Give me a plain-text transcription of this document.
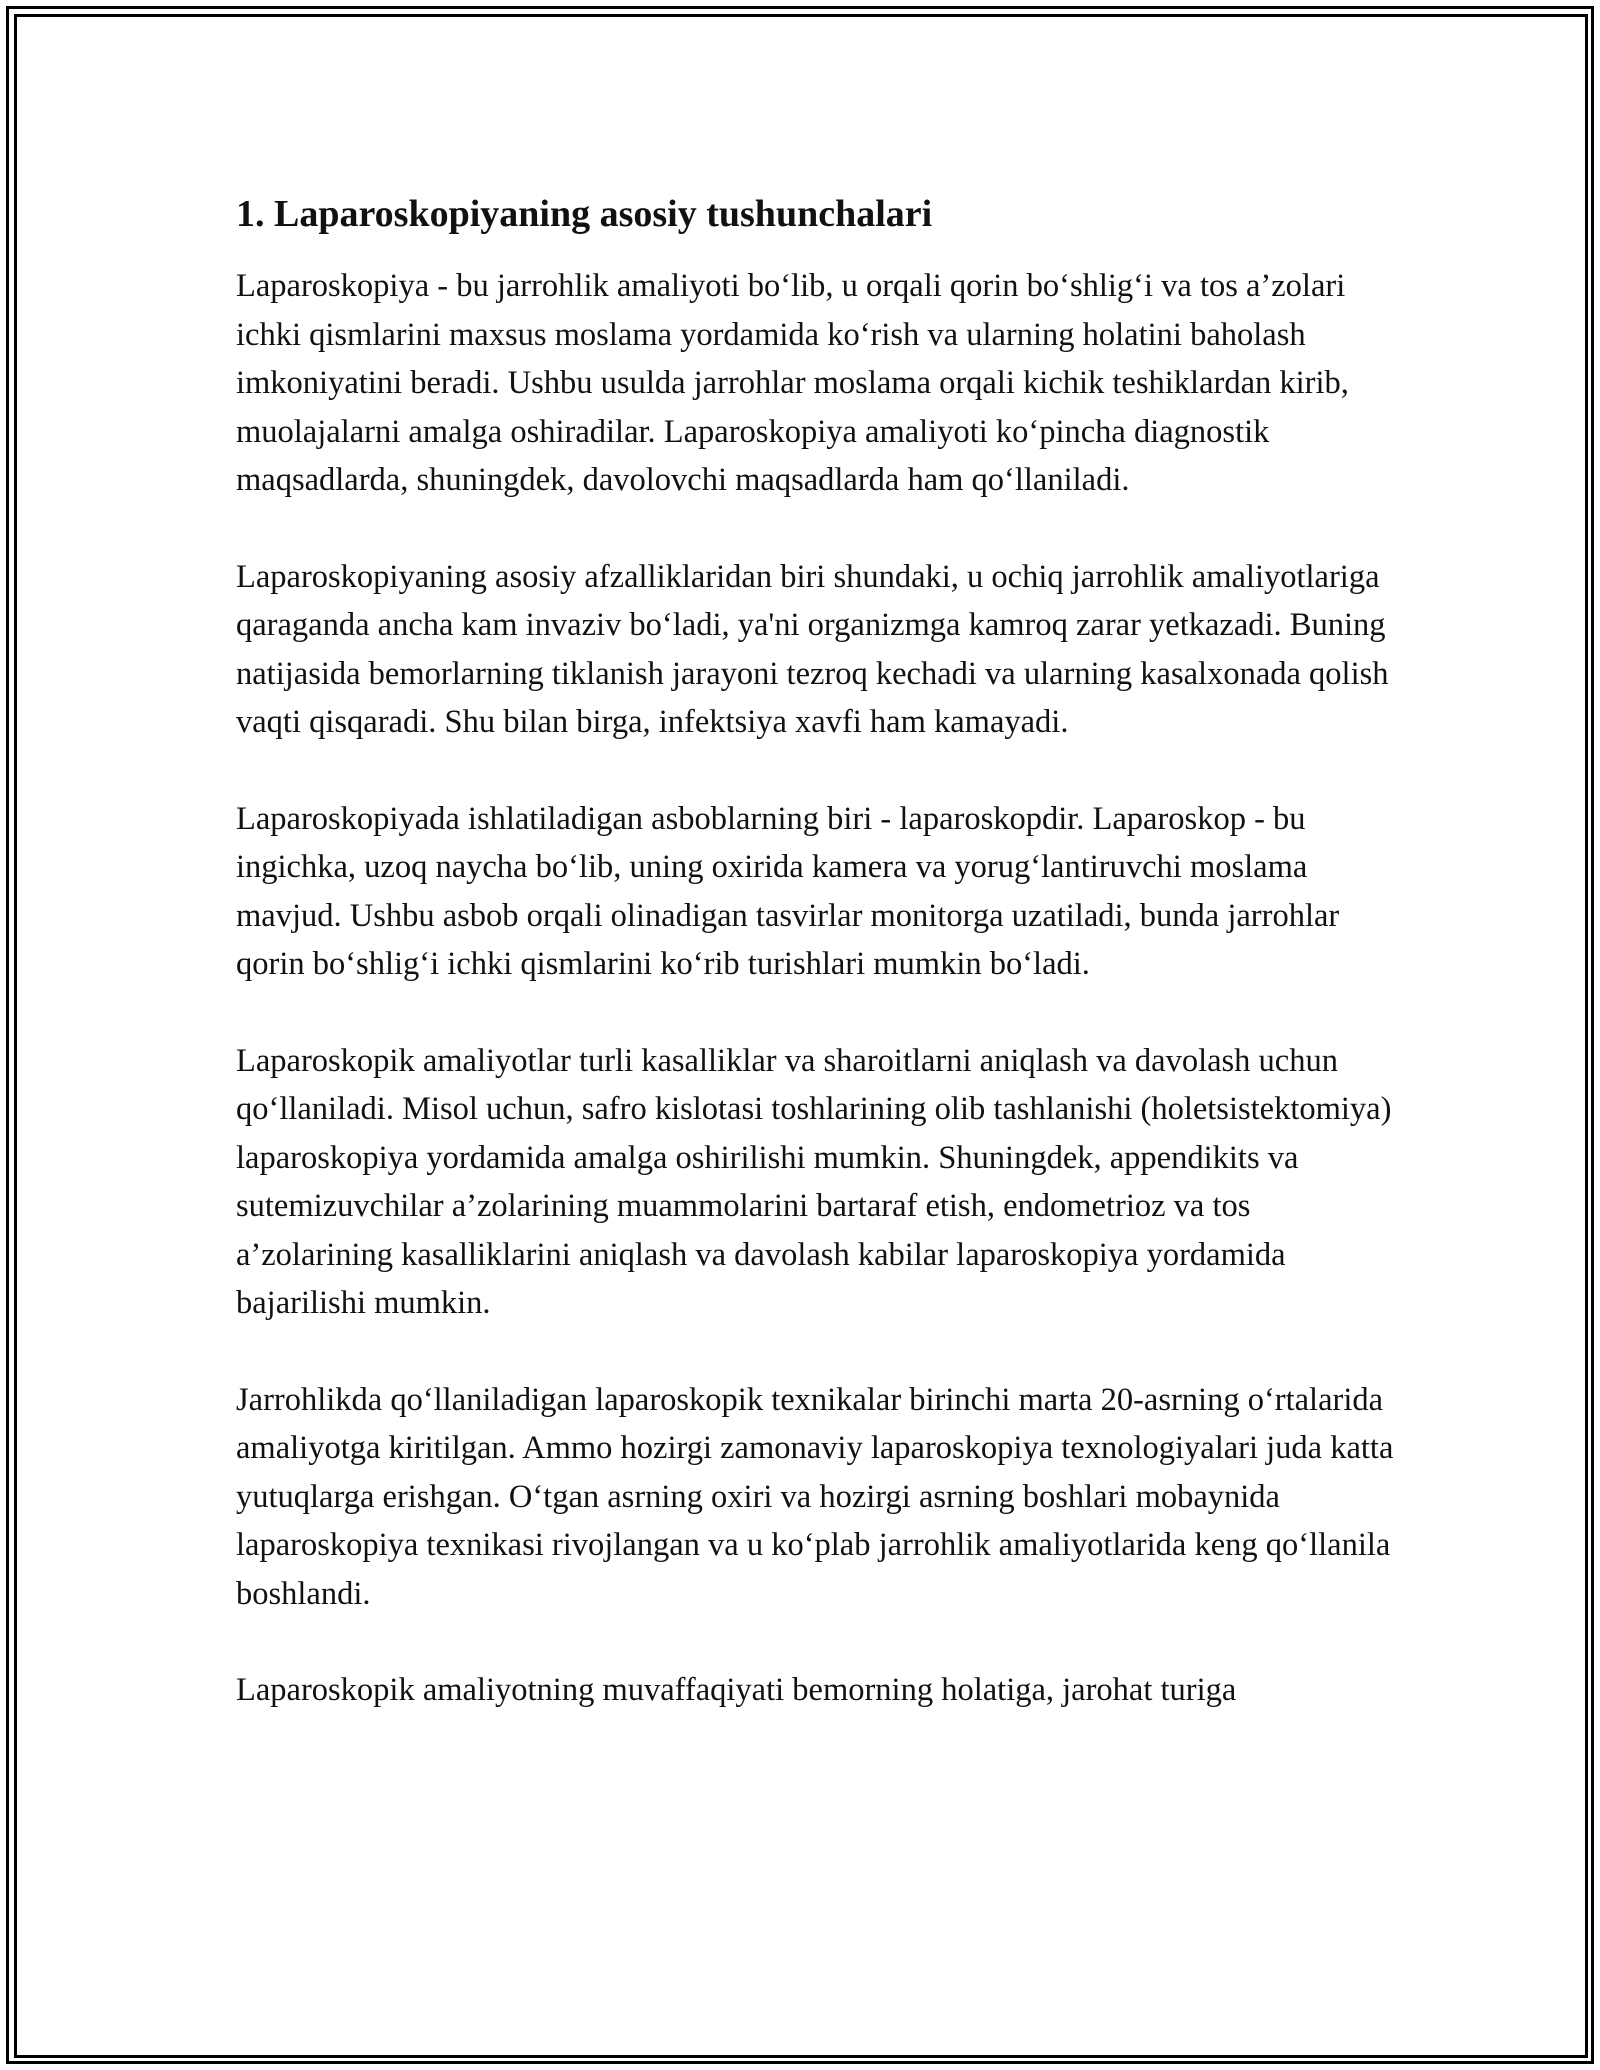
1. Laparoskopiyaning asosiy tushunchalari

Laparoskopiya - bu jarrohlik amaliyoti bo‘lib, u orqali qorin bo‘shlig‘i va tos a’zolari ichki qismlarini maxsus moslama yordamida ko‘rish va ularning holatini baholash imkoniyatini beradi. Ushbu usulda jarrohlar moslama orqali kichik teshiklardan kirib, muolajalarni amalga oshiradilar. Laparoskopiya amaliyoti ko‘pincha diagnostik maqsadlarda, shuningdek, davolovchi maqsadlarda ham qo‘llaniladi.

Laparoskopiyaning asosiy afzalliklaridan biri shundaki, u ochiq jarrohlik amaliyotlariga qaraganda ancha kam invaziv bo‘ladi, ya'ni organizmga kamroq zarar yetkazadi. Buning natijasida bemorlarning tiklanish jarayoni tezroq kechadi va ularning kasalxonada qolish vaqti qisqaradi. Shu bilan birga, infektsiya xavfi ham kamayadi.

Laparoskopiyada ishlatiladigan asboblarning biri - laparoskopdir. Laparoskop - bu ingichka, uzoq naycha bo‘lib, uning oxirida kamera va yorug‘lantiruvchi moslama mavjud. Ushbu asbob orqali olinadigan tasvirlar monitorga uzatiladi, bunda jarrohlar qorin bo‘shlig‘i ichki qismlarini ko‘rib turishlari mumkin bo‘ladi.

Laparoskopik amaliyotlar turli kasalliklar va sharoitlarni aniqlash va davolash uchun qo‘llaniladi. Misol uchun, safro kislotasi toshlarining olib tashlanishi (holetsistektomiya) laparoskopiya yordamida amalga oshirilishi mumkin. Shuningdek, appendikits va sutemizuvchilar a’zolarining muammolarini bartaraf etish, endometrioz va tos a’zolarining kasalliklarini aniqlash va davolash kabilar laparoskopiya yordamida bajarilishi mumkin.

Jarrohlikda qo‘llaniladigan laparoskopik texnikalar birinchi marta 20-asrning o‘rtalarida amaliyotga kiritilgan. Ammo hozirgi zamonaviy laparoskopiya texnologiyalari juda katta yutuqlarga erishgan. O‘tgan asrning oxiri va hozirgi asrning boshlari mobaynida laparoskopiya texnikasi rivojlangan va u ko‘plab jarrohlik amaliyotlarida keng qo‘llanila boshlandi.

Laparoskopik amaliyotning muvaffaqiyati bemorning holatiga, jarohat turiga
